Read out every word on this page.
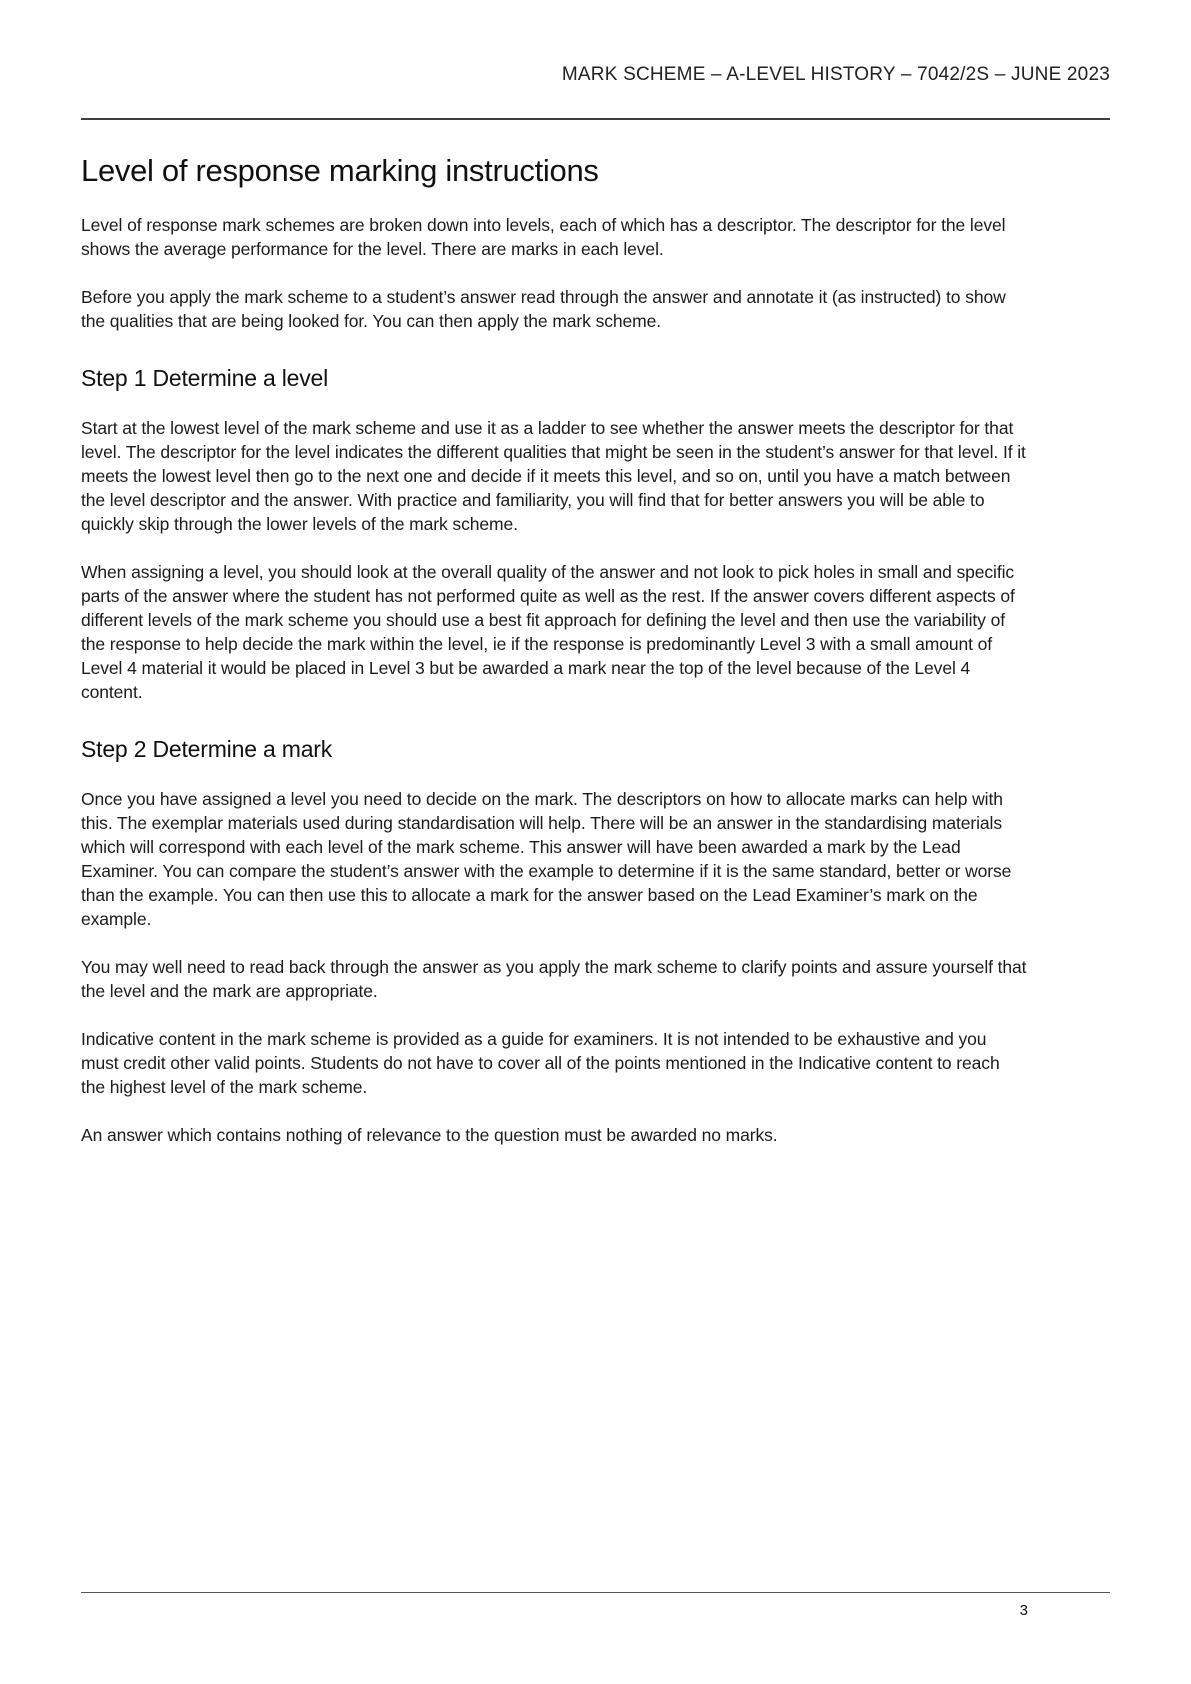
MARK SCHEME – A-LEVEL HISTORY – 7042/2S – JUNE 2023
Level of response marking instructions

Level of response mark schemes are broken down into levels, each of which has a descriptor. The descriptor for the level shows the average performance for the level. There are marks in each level.

Before you apply the mark scheme to a student’s answer read through the answer and annotate it (as instructed) to show the qualities that are being looked for. You can then apply the mark scheme.

Step 1 Determine a level

Start at the lowest level of the mark scheme and use it as a ladder to see whether the answer meets the descriptor for that level. The descriptor for the level indicates the different qualities that might be seen in the student’s answer for that level. If it meets the lowest level then go to the next one and decide if it meets this level, and so on, until you have a match between the level descriptor and the answer. With practice and familiarity, you will find that for better answers you will be able to quickly skip through the lower levels of the mark scheme.

When assigning a level, you should look at the overall quality of the answer and not look to pick holes in small and specific parts of the answer where the student has not performed quite as well as the rest. If the answer covers different aspects of different levels of the mark scheme you should use a best fit approach for defining the level and then use the variability of the response to help decide the mark within the level, ie if the response is predominantly Level 3 with a small amount of Level 4 material it would be placed in Level 3 but be awarded a mark near the top of the level because of the Level 4 content.

Step 2 Determine a mark

Once you have assigned a level you need to decide on the mark. The descriptors on how to allocate marks can help with this. The exemplar materials used during standardisation will help. There will be an answer in the standardising materials which will correspond with each level of the mark scheme. This answer will have been awarded a mark by the Lead Examiner. You can compare the student’s answer with the example to determine if it is the same standard, better or worse than the example. You can then use this to allocate a mark for the answer based on the Lead Examiner’s mark on the example.

You may well need to read back through the answer as you apply the mark scheme to clarify points and assure yourself that the level and the mark are appropriate.

Indicative content in the mark scheme is provided as a guide for examiners. It is not intended to be exhaustive and you must credit other valid points. Students do not have to cover all of the points mentioned in the Indicative content to reach the highest level of the mark scheme.

An answer which contains nothing of relevance to the question must be awarded no marks.

3
